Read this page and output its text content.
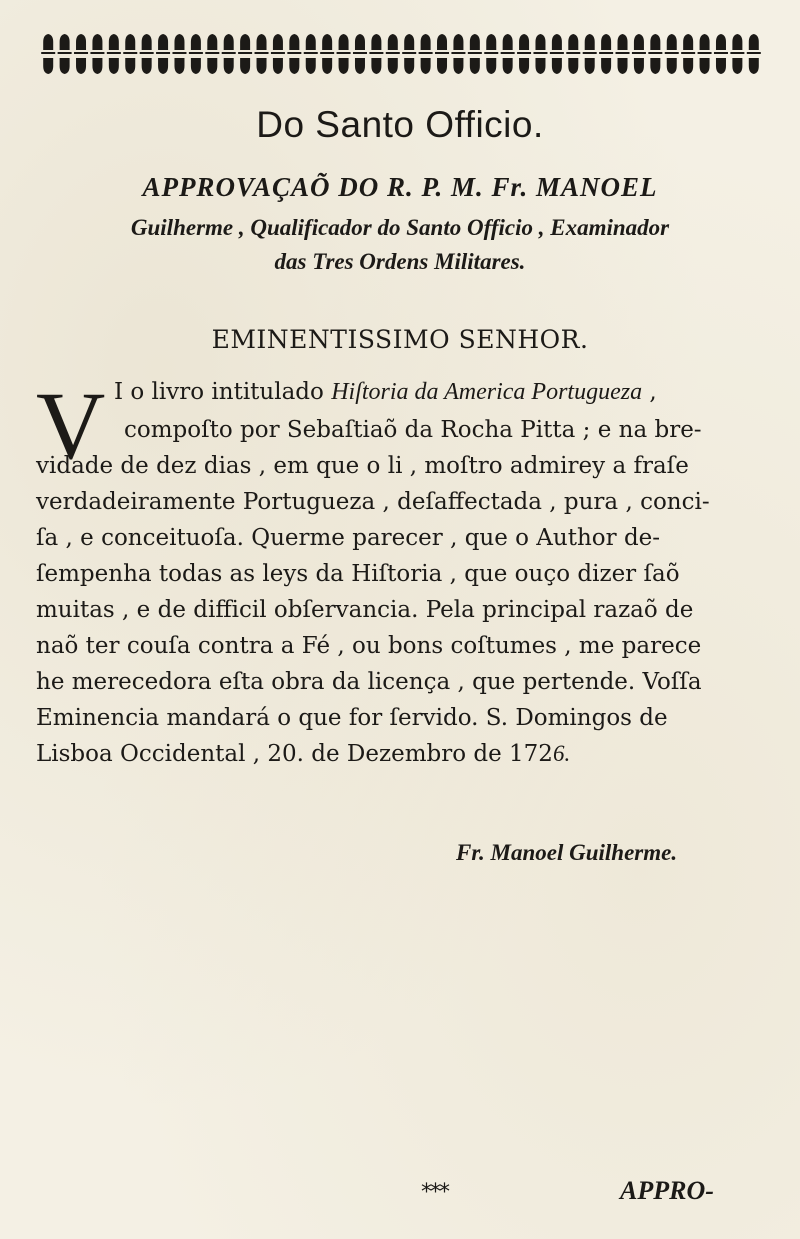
Do Santo Officio.
APPROVAÇAÕ DO R. P. M. Fr. MANOEL
Guilherme , Qualificador do Santo Officio , Examinador
das Tres Ordens Militares.
EMINENTISSIMO SENHOR.
V I o livro intitulado Hiſtoria da America Portugueza ,
compoſto por Sebaſtiaõ da Rocha Pitta ; e na bre-
vidade de dez dias , em que o li , moſtro admirey a fraſe
verdadeiramente Portugueza , deſaffectada , pura , conci-
ſa , e conceituoſa. Querme parecer , que o Author de-
ſempenha todas as leys da Hiſtoria , que ouço dizer ſaõ
muitas , e de difficil obſervancia. Pela principal razaõ de
naõ ter couſa contra a Fé , ou bons coſtumes , me parece
he merecedora eſta obra da licença , que pertende. Voſſa
Eminencia mandará o que for ſervido. S. Domingos de
Lisboa Occidental , 20. de Dezembro de 1726.
Fr. Manoel Guilherme.
***	APPRO-
